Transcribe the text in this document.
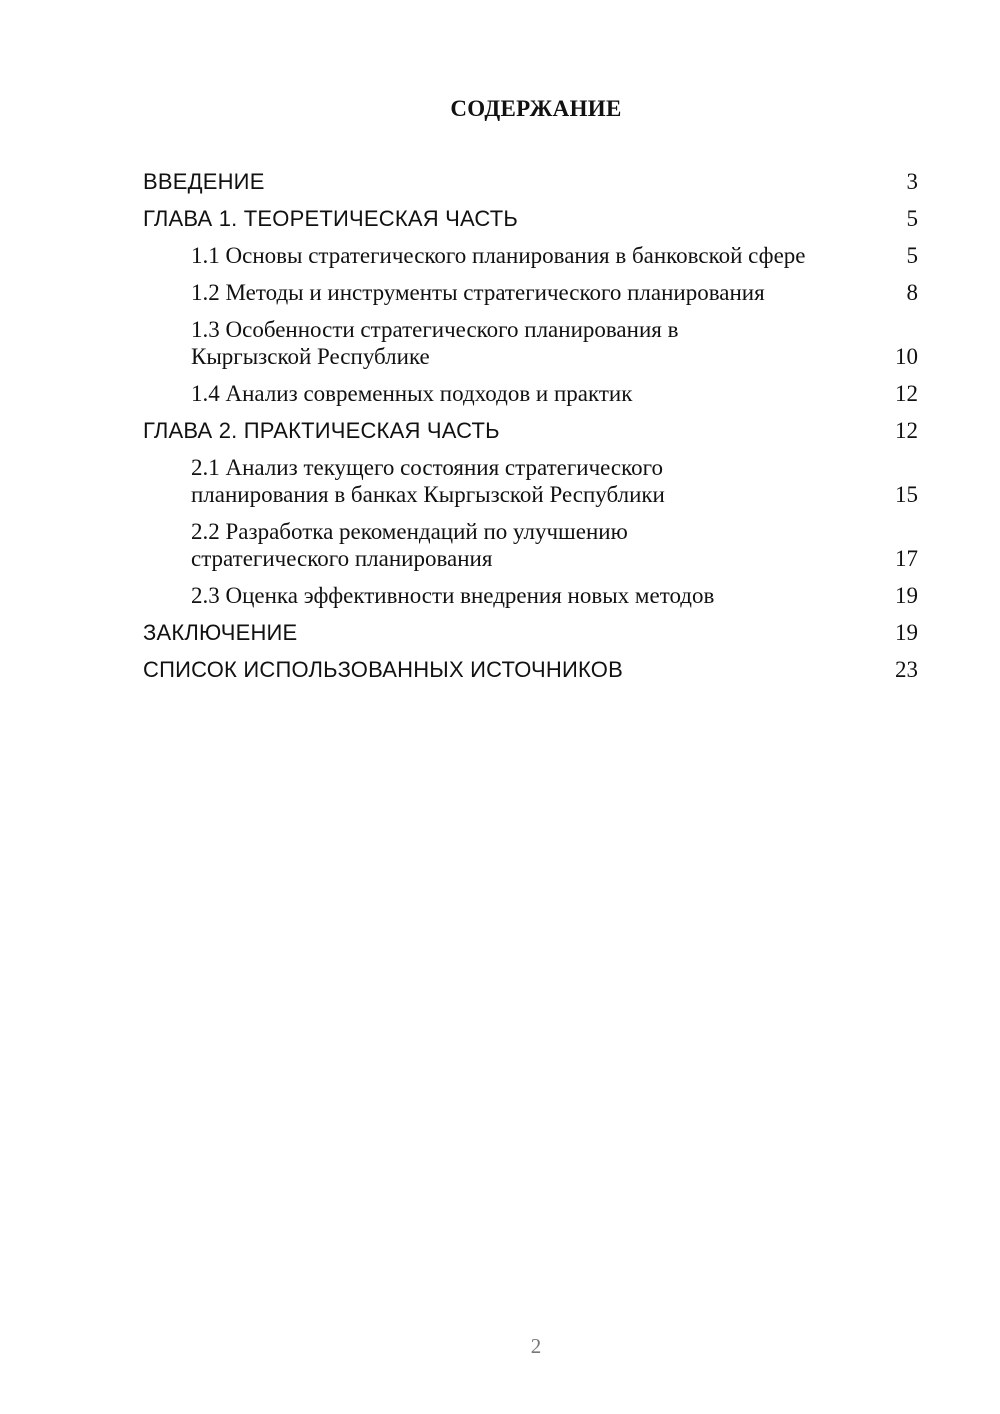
СОДЕРЖАНИЕ
ВВЕДЕНИЕ	3
ГЛАВА 1. ТЕОРЕТИЧЕСКАЯ ЧАСТЬ	5
1.1 Основы стратегического планирования в банковской сфере	5
1.2 Методы и инструменты стратегического планирования	8
1.3 Особенности стратегического планирования в Кыргызской Республике	10
1.4 Анализ современных подходов и практик	12
ГЛАВА 2. ПРАКТИЧЕСКАЯ ЧАСТЬ	12
2.1 Анализ текущего состояния стратегического планирования в банках Кыргызской Республики	15
2.2 Разработка рекомендаций по улучшению стратегического планирования	17
2.3 Оценка эффективности внедрения новых методов	19
ЗАКЛЮЧЕНИЕ	19
СПИСОК ИСПОЛЬЗОВАННЫХ ИСТОЧНИКОВ	23
2
